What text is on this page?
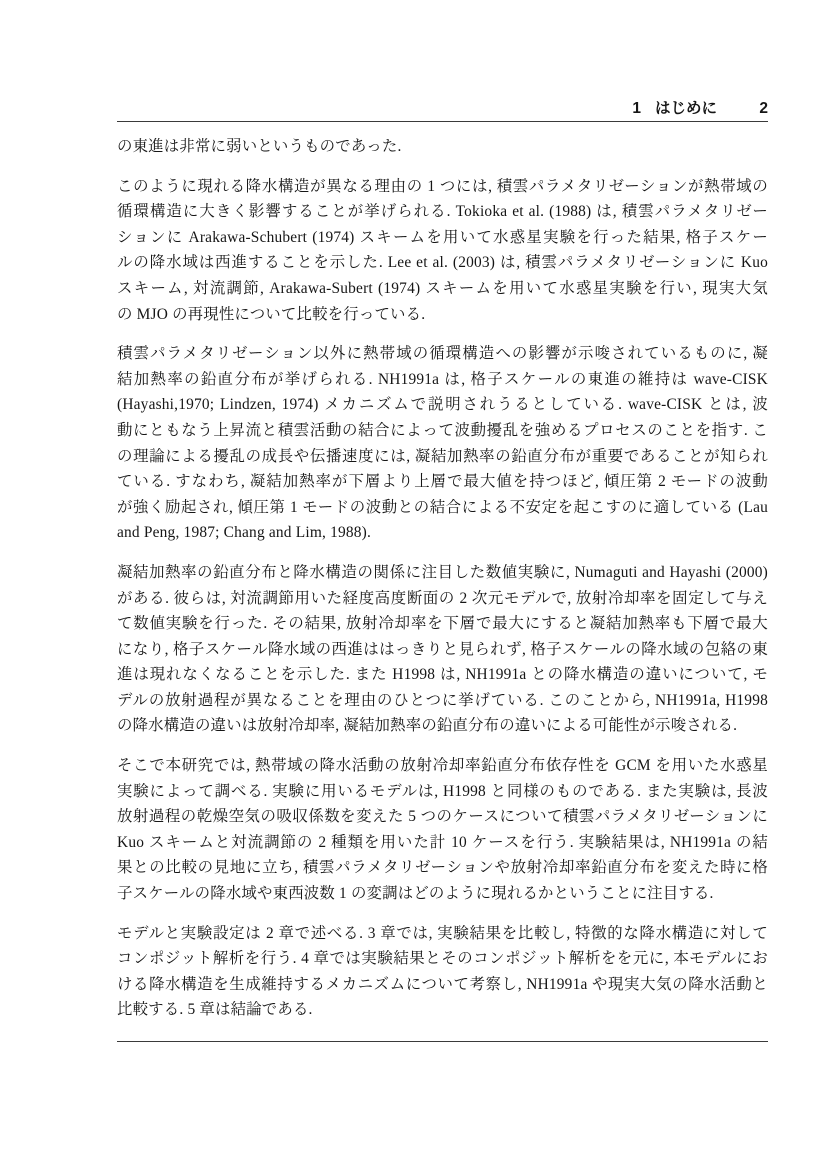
1 はじめに	2
の東進は非常に弱いというものであった.
このように現れる降水構造が異なる理由の 1 つには, 積雲パラメタリゼーションが熱帯域の
循環構造に大きく影響することが挙げられる. Tokioka et al. (1988) は, 積雲パラメタリゼー
ションに Arakawa-Schubert (1974) スキームを用いて水惑星実験を行った結果, 格子スケー
ルの降水域は西進することを示した. Lee et al. (2003) は, 積雲パラメタリゼーションに Kuo
スキーム, 対流調節, Arakawa-Subert (1974) スキームを用いて水惑星実験を行い, 現実大気
の MJO の再現性について比較を行っている.
積雲パラメタリゼーション以外に熱帯域の循環構造への影響が示唆されているものに, 凝
結加熱率の鉛直分布が挙げられる. NH1991a は, 格子スケールの東進の維持は wave-CISK
(Hayashi,1970; Lindzen, 1974) メカニズムで説明されうるとしている. wave-CISK とは, 波
動にともなう上昇流と積雲活動の結合によって波動擾乱を強めるプロセスのことを指す. こ
の理論による擾乱の成長や伝播速度には, 凝結加熱率の鉛直分布が重要であることが知られ
ている. すなわち, 凝結加熱率が下層より上層で最大値を持つほど, 傾圧第 2 モードの波動
が強く励起され, 傾圧第 1 モードの波動との結合による不安定を起こすのに適している (Lau
and Peng, 1987; Chang and Lim, 1988).
凝結加熱率の鉛直分布と降水構造の関係に注目した数値実験に, Numaguti and Hayashi (2000)
がある. 彼らは, 対流調節用いた経度高度断面の 2 次元モデルで, 放射冷却率を固定して与え
て数値実験を行った. その結果, 放射冷却率を下層で最大にすると凝結加熱率も下層で最大
になり, 格子スケール降水域の西進ははっきりと見られず, 格子スケールの降水域の包絡の東
進は現れなくなることを示した. また H1998 は, NH1991a との降水構造の違いについて, モ
デルの放射過程が異なることを理由のひとつに挙げている. このことから, NH1991a, H1998
の降水構造の違いは放射冷却率, 凝結加熱率の鉛直分布の違いによる可能性が示唆される.
そこで本研究では, 熱帯域の降水活動の放射冷却率鉛直分布依存性を GCM を用いた水惑星
実験によって調べる. 実験に用いるモデルは, H1998 と同様のものである. また実験は, 長波
放射過程の乾燥空気の吸収係数を変えた 5 つのケースについて積雲パラメタリゼーションに
Kuo スキームと対流調節の 2 種類を用いた計 10 ケースを行う. 実験結果は, NH1991a の結
果との比較の見地に立ち, 積雲パラメタリゼーションや放射冷却率鉛直分布を変えた時に格
子スケールの降水域や東西波数 1 の変調はどのように現れるかということに注目する.
モデルと実験設定は 2 章で述べる. 3 章では, 実験結果を比較し, 特徴的な降水構造に対して
コンポジット解析を行う. 4 章では実験結果とそのコンポジット解析をを元に, 本モデルにお
ける降水構造を生成維持するメカニズムについて考察し, NH1991a や現実大気の降水活動と
比較する. 5 章は結論である.
